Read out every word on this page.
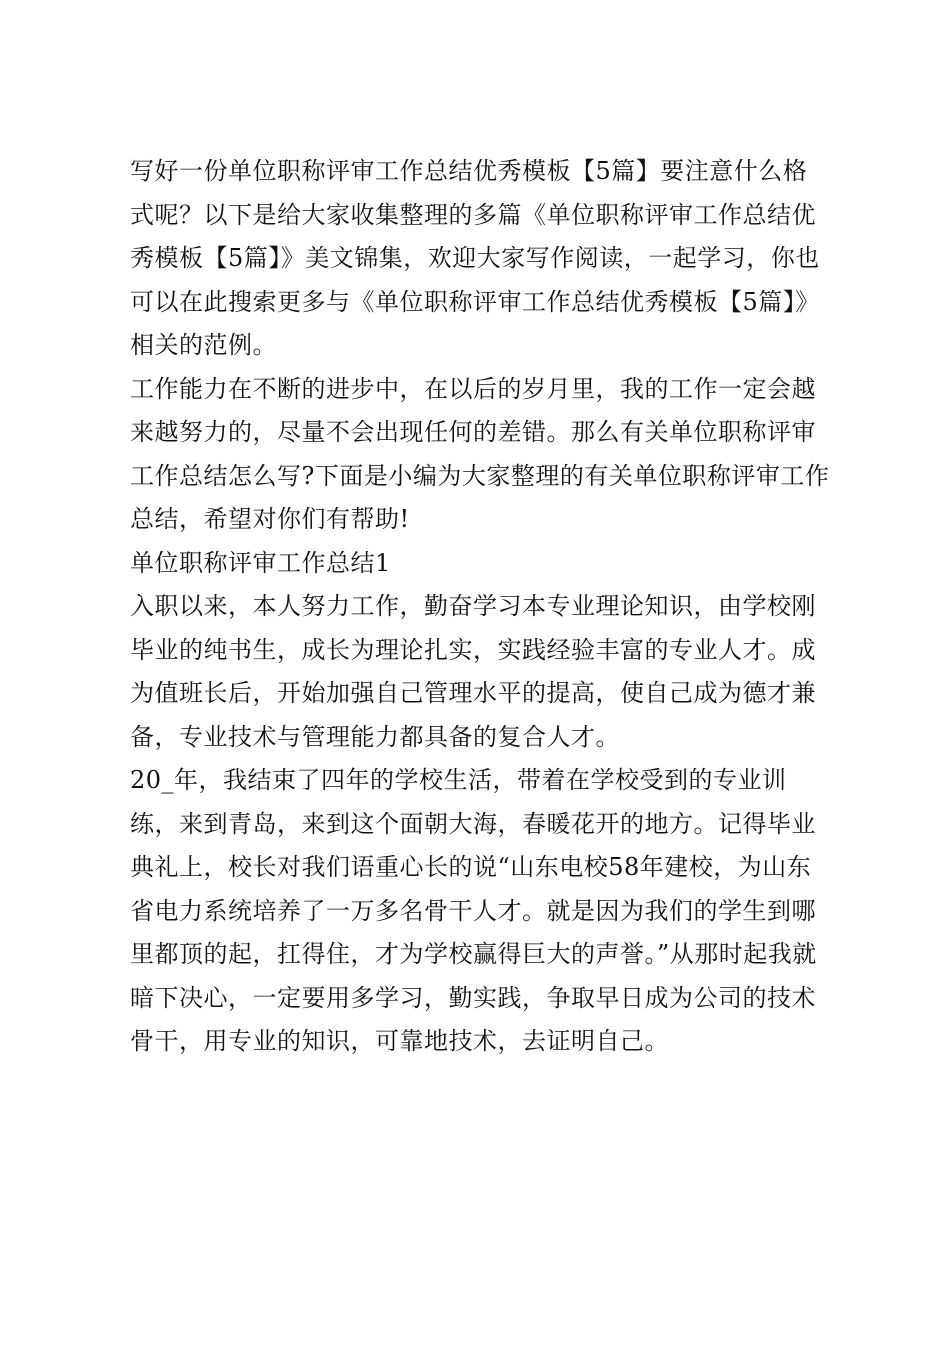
写好一份单位职称评审工作总结优秀模板【5篇】要注意什么格式呢？以下是给大家收集整理的多篇《单位职称评审工作总结优秀模板【5篇】》美文锦集，欢迎大家写作阅读，一起学习，你也可以在此搜索更多与《单位职称评审工作总结优秀模板【5篇】》相关的范例。

工作能力在不断的进步中，在以后的岁月里，我的工作一定会越来越努力的，尽量不会出现任何的差错。那么有关单位职称评审工作总结怎么写?下面是小编为大家整理的有关单位职称评审工作总结，希望对你们有帮助!

单位职称评审工作总结1

入职以来，本人努力工作，勤奋学习本专业理论知识，由学校刚毕业的纯书生，成长为理论扎实，实践经验丰富的专业人才。成为值班长后，开始加强自己管理水平的提高，使自己成为德才兼备，专业技术与管理能力都具备的复合人才。

20_年，我结束了四年的学校生活，带着在学校受到的专业训练，来到青岛，来到这个面朝大海，春暖花开的地方。记得毕业典礼上，校长对我们语重心长的说“山东电校58年建校，为山东省电力系统培养了一万多名骨干人才。就是因为我们的学生到哪里都顶的起，扛得住，才为学校赢得巨大的声誉。”从那时起我就暗下决心，一定要用多学习，勤实践，争取早日成为公司的技术骨干，用专业的知识，可靠地技术，去证明自己。
